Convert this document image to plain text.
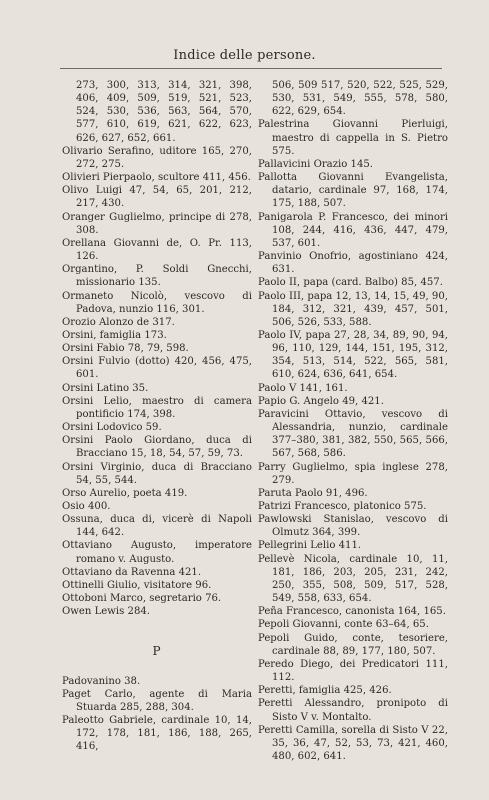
Indice delle persone.
273, 300, 313, 314, 321, 398, 406, 409, 509, 519, 521, 523, 524, 530, 536, 563, 564, 570, 577, 610, 619, 621, 622, 623, 626, 627, 652, 661.
Olivario Serafino, uditore 165, 270, 272, 275.
Olivieri Pierpaolo, scultore 411, 456.
Olivo Luigi 47, 54, 65, 201, 212, 217, 430.
Oranger Guglielmo, principe di 278, 308.
Orellana Giovanni de, O. Pr. 113, 126.
Organtino, P. Soldi Gnecchi, missionario 135.
Ormaneto Nicolò, vescovo di Padova, nunzio 116, 301.
Orozio Alonzo de 317.
Orsini, famiglia 173.
Orsini Fabio 78, 79, 598.
Orsini Fulvio (dotto) 420, 456, 475, 601.
Orsini Latino 35.
Orsini Lelio, maestro di camera pontificio 174, 398.
Orsini Lodovico 59.
Orsini Paolo Giordano, duca di Bracciano 15, 18, 54, 57, 59, 73.
Orsini Virginio, duca di Bracciano 54, 55, 544.
Orso Aurelio, poeta 419.
Osio 400.
Ossuna, duca di, vicerè di Napoli 144, 642.
Ottaviano Augusto, imperatore romano v. Augusto.
Ottaviano da Ravenna 421.
Ottinelli Giulio, visitatore 96.
Ottoboni Marco, segretario 76.
Owen Lewis 284.
P
Padovanino 38.
Paget Carlo, agente di Maria Stuarda 285, 288, 304.
Paleotto Gabriele, cardinale 10, 14, 172, 178, 181, 186, 188, 265, 416,
506, 509 517, 520, 522, 525, 529, 530, 531, 549, 555, 578, 580, 622, 629, 654.
Palestrina Giovanni Pierluigi, maestro di cappella in S. Pietro 575.
Pallavicini Orazio 145.
Pallotta Giovanni Evangelista, datario, cardinale 97, 168, 174, 175, 188, 507.
Panigarola P. Francesco, dei minori 108, 244, 416, 436, 447, 479, 537, 601.
Panvinio Onofrio, agostiniano 424, 631.
Paolo II, papa (card. Balbo) 85, 457.
Paolo III, papa 12, 13, 14, 15, 49, 90, 184, 312, 321, 439, 457, 501, 506, 526, 533, 588.
Paolo IV, papa 27, 28, 34, 89, 90, 94, 96, 110, 129, 144, 151, 195, 312, 354, 513, 514, 522, 565, 581, 610, 624, 636, 641, 654.
Paolo V 141, 161.
Papio G. Angelo 49, 421.
Paravicini Ottavio, vescovo di Alessandria, nunzio, cardinale 377–380, 381, 382, 550, 565, 566, 567, 568, 586.
Parry Guglielmo, spia inglese 278, 279.
Paruta Paolo 91, 496.
Patrizi Francesco, platonico 575.
Pawlowski Stanislao, vescovo di Olmutz 364, 399.
Pellegrini Lelio 411.
Pellevè Nicola, cardinale 10, 11, 181, 186, 203, 205, 231, 242, 250, 355, 508, 509, 517, 528, 549, 558, 633, 654.
Peña Francesco, canonista 164, 165.
Pepoli Giovanni, conte 63–64, 65.
Pepoli Guido, conte, tesoriere, cardinale 88, 89, 177, 180, 507.
Peredo Diego, dei Predicatori 111, 112.
Peretti, famiglia 425, 426.
Peretti Alessandro, pronipoto di Sisto V v. Montalto.
Peretti Camilla, sorella di Sisto V 22, 35, 36, 47, 52, 53, 73, 421, 460, 480, 602, 641.
